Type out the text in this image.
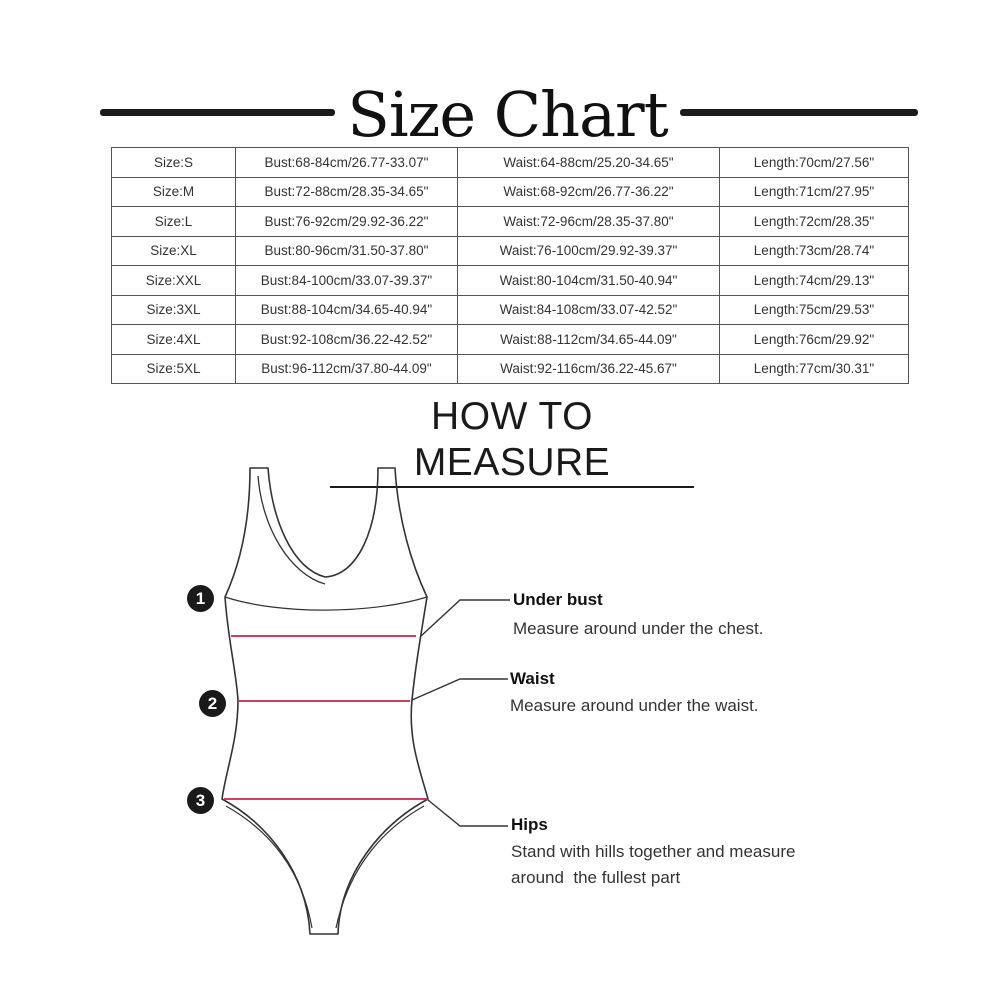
Size Chart
Size:S	Bust:68-84cm/26.77-33.07"	Waist:64-88cm/25.20-34.65"	Length:70cm/27.56"
Size:M	Bust:72-88cm/28.35-34.65"	Waist:68-92cm/26.77-36.22"	Length:71cm/27.95"
Size:L	Bust:76-92cm/29.92-36.22"	Waist:72-96cm/28.35-37.80"	Length:72cm/28.35"
Size:XL	Bust:80-96cm/31.50-37.80"	Waist:76-100cm/29.92-39.37"	Length:73cm/28.74"
Size:XXL	Bust:84-100cm/33.07-39.37"	Waist:80-104cm/31.50-40.94"	Length:74cm/29.13"
Size:3XL	Bust:88-104cm/34.65-40.94"	Waist:84-108cm/33.07-42.52"	Length:75cm/29.53"
Size:4XL	Bust:92-108cm/36.22-42.52"	Waist:88-112cm/34.65-44.09"	Length:76cm/29.92"
Size:5XL	Bust:96-112cm/37.80-44.09"	Waist:92-116cm/36.22-45.67"	Length:77cm/30.31"
HOW TO MEASURE
1
2
3
Under bust
Measure around under the chest.
Waist
Measure around under the waist.
Hips
Stand with hills together and measure
around  the fullest part
